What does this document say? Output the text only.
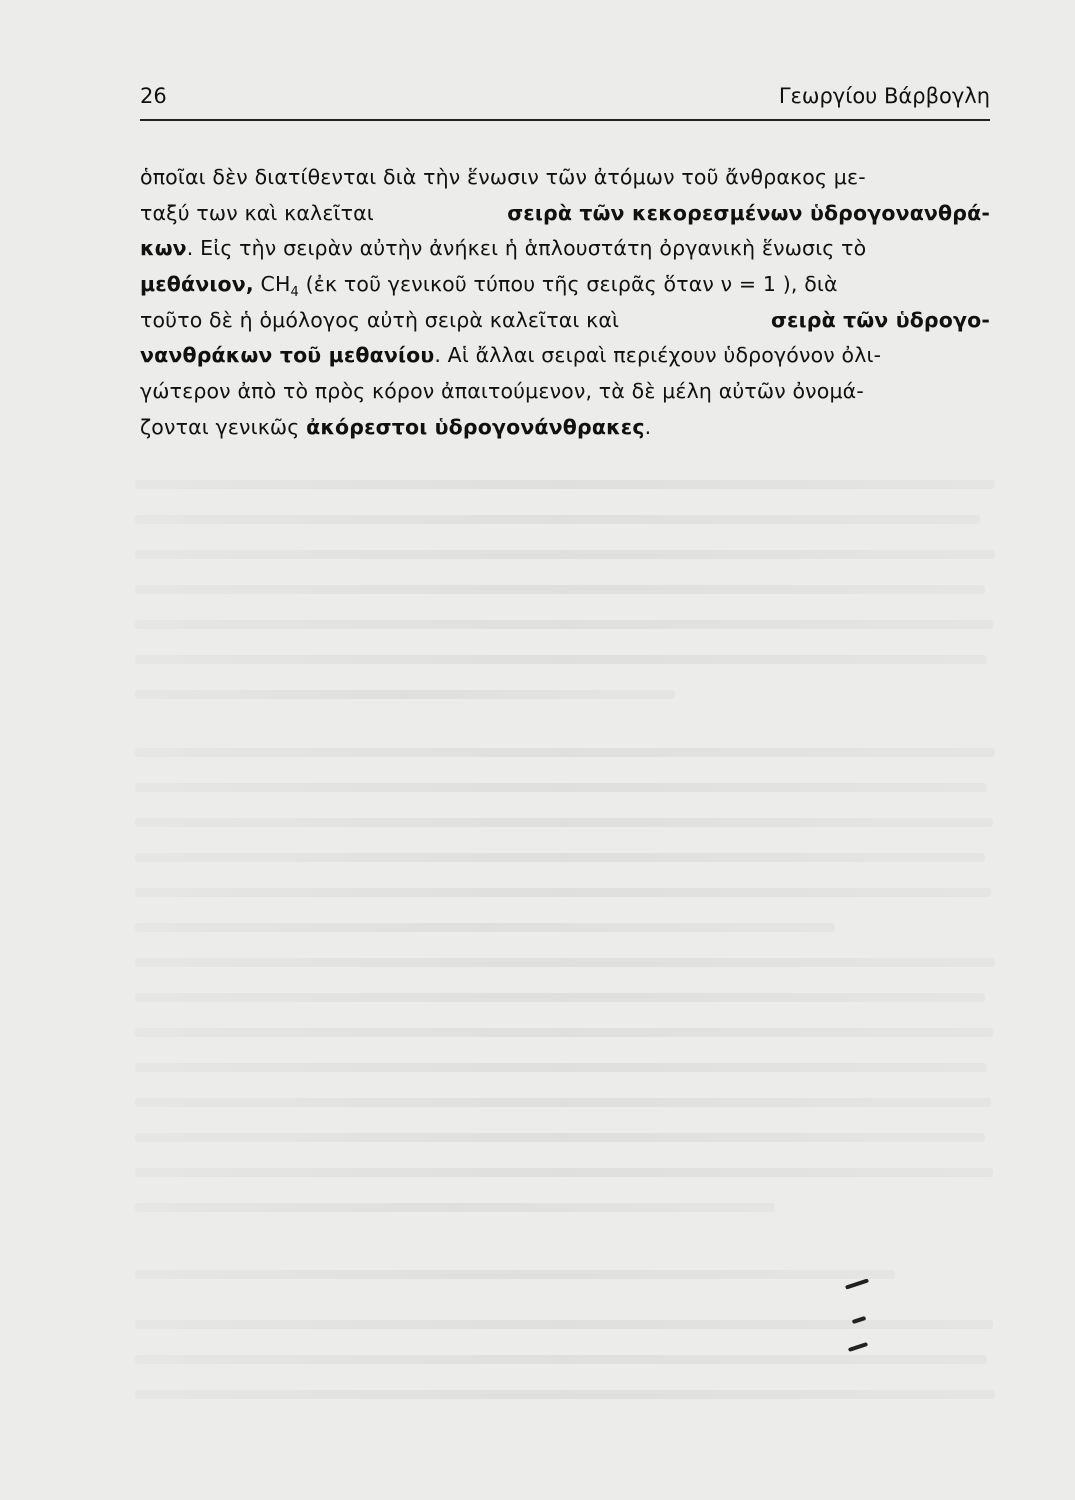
26	Γεωργίου Βάρβογλη
ὁποῖαι δὲν διατίθενται διὰ τὴν ἕνωσιν τῶν ἀτόμων τοῦ ἄνθρακος με-
ταξύ των καὶ καλεῖται	σειρὰ τῶν κεκορεσμένων ὑδρογονανθρά-
κων. Εἰς τὴν σειρὰν αὐτὴν ἀνήκει ἡ ἁπλουστάτη ὀργανικὴ ἕνωσις τὸ
μεθάνιον, $CH_4$ (ἐκ τοῦ γενικοῦ τύπου τῆς σειρᾶς ὅταν ν = 1 ), διὰ
τοῦτο δὲ ἡ ὁμόλογος αὐτὴ σειρὰ καλεῖται καὶ	σειρὰ τῶν ὑδρογο-
νανθράκων τοῦ μεθανίου. Αἱ ἄλλαι σειραὶ περιέχουν ὑδρογόνον ὀλι-
γώτερον ἀπὸ τὸ πρὸς κόρον ἀπαιτούμενον, τὰ δὲ μέλη αὐτῶν ὀνομά-
ζονται γενικῶς ἀκόρεστοι ὑδρογονάνθρακες .
